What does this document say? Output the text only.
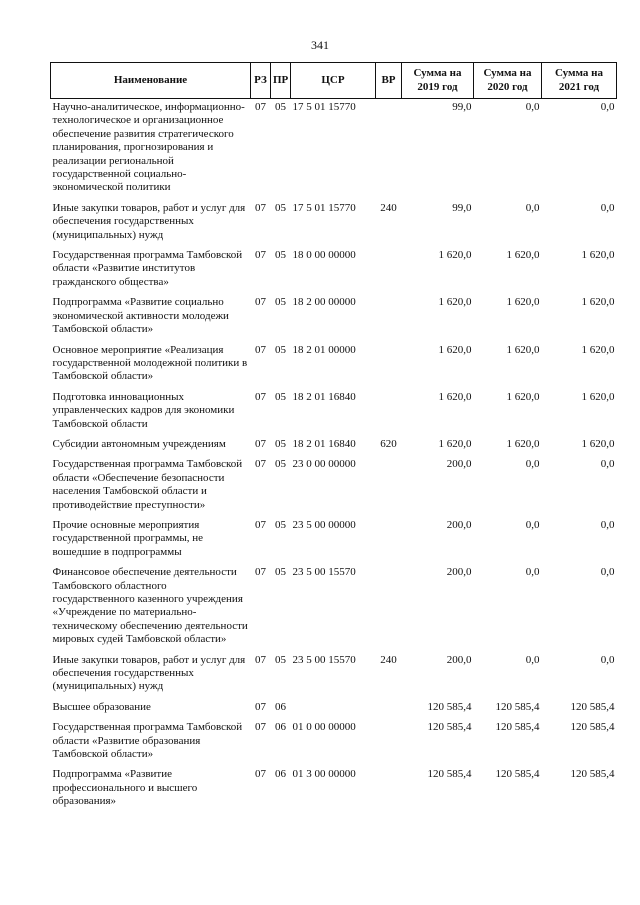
341
Наименование	РЗ	ПР	ЦСР	ВР	Сумма на 2019 год	Сумма на 2020 год	Сумма на 2021 год
Научно-аналитическое, информационно-технологическое и организационное обеспечение развития стратегического планирования, прогнозирования и реализации региональной государственной социально-экономической политики	07	05	17 5 01 15770		99,0	0,0	0,0
Иные закупки товаров, работ и услуг для обеспечения государственных (муниципальных) нужд	07	05	17 5 01 15770	240	99,0	0,0	0,0
Государственная программа Тамбовской области «Развитие институтов гражданского общества»	07	05	18 0 00 00000		1 620,0	1 620,0	1 620,0
Подпрограмма «Развитие социально экономической активности молодежи Тамбовской области»	07	05	18 2 00 00000		1 620,0	1 620,0	1 620,0
Основное мероприятие «Реализация государственной молодежной политики в Тамбовской области»	07	05	18 2 01 00000		1 620,0	1 620,0	1 620,0
Подготовка инновационных управленческих кадров для экономики Тамбовской области	07	05	18 2 01 16840		1 620,0	1 620,0	1 620,0
Субсидии автономным учреждениям	07	05	18 2 01 16840	620	1 620,0	1 620,0	1 620,0
Государственная программа Тамбовской области «Обеспечение безопасности населения Тамбовской области и противодействие преступности»	07	05	23 0 00 00000		200,0	0,0	0,0
Прочие основные мероприятия государственной программы, не вошедшие в подпрограммы	07	05	23 5 00 00000		200,0	0,0	0,0
Финансовое обеспечение деятельности Тамбовского областного государственного казенного учреждения «Учреждение по материально-техническому обеспечению деятельности мировых судей Тамбовской области»	07	05	23 5 00 15570		200,0	0,0	0,0
Иные закупки товаров, работ и услуг для обеспечения государственных (муниципальных) нужд	07	05	23 5 00 15570	240	200,0	0,0	0,0
Высшее образование	07	06			120 585,4	120 585,4	120 585,4
Государственная программа Тамбовской области «Развитие образования Тамбовской области»	07	06	01 0 00 00000		120 585,4	120 585,4	120 585,4
Подпрограмма «Развитие профессионального и высшего образования»	07	06	01 3 00 00000		120 585,4	120 585,4	120 585,4
